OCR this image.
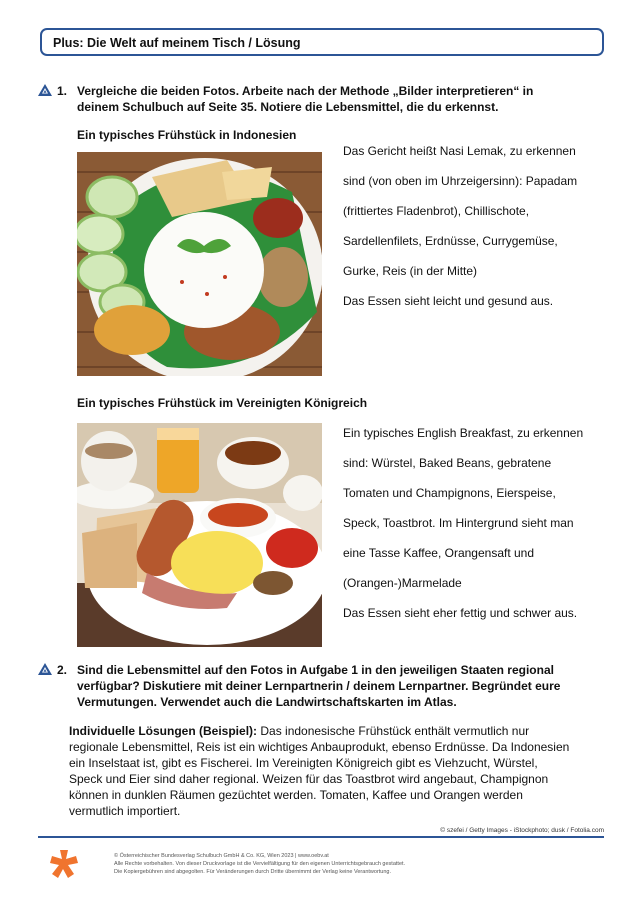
Plus: Die Welt auf meinem Tisch / Lösung
1. Vergleiche die beiden Fotos. Arbeite nach der Methode „Bilder interpretieren“ in
deinem Schulbuch auf Seite 35. Notiere die Lebensmittel, die du erkennst.
Ein typisches Frühstück in Indonesien
Das Gericht heißt Nasi Lemak, zu erkennen
sind (von oben im Uhrzeigersinn): Papadam
(frittiertes Fladenbrot), Chillischote,
Sardellenfilets, Erdnüsse, Currygemüse,
Gurke, Reis (in der Mitte)
Das Essen sieht leicht und gesund aus.
Ein typisches Frühstück im Vereinigten Königreich
Ein typisches English Breakfast, zu erkennen
sind: Würstel, Baked Beans, gebratene
Tomaten und Champignons, Eierspeise,
Speck, Toastbrot. Im Hintergrund sieht man
eine Tasse Kaffee, Orangensaft und
(Orangen-)Marmelade
Das Essen sieht eher fettig und schwer aus.
2. Sind die Lebensmittel auf den Fotos in Aufgabe 1 in den jeweiligen Staaten regional
verfügbar? Diskutiere mit deiner Lernpartnerin / deinem Lernpartner. Begründet eure
Vermutungen. Verwendet auch die Landwirtschaftskarten im Atlas.
Individuelle Lösungen (Beispiel): Das indonesische Frühstück enthält vermutlich nur
regionale Lebensmittel, Reis ist ein wichtiges Anbauprodukt, ebenso Erdnüsse. Da Indonesien
ein Inselstaat ist, gibt es Fischerei. Im Vereinigten Königreich gibt es Viehzucht, Würstel,
Speck und Eier sind daher regional. Weizen für das Toastbrot wird angebaut, Champignon
können in dunklen Räumen gezüchtet werden. Tomaten, Kaffee und Orangen werden
vermutlich importiert.
© szefei / Getty Images - iStockphoto; dusk / Fotolia.com
© Österreichischer Bundesverlag Schulbuch GmbH & Co. KG, Wien 2023 | www.oebv.at
Alle Rechte vorbehalten. Von dieser Druckvorlage ist die Vervielfältigung für den eigenen Unterrichtsgebrauch gestattet.
Die Kopiergebühren sind abgegolten. Für Veränderungen durch Dritte übernimmt der Verlag keine Verantwortung.
